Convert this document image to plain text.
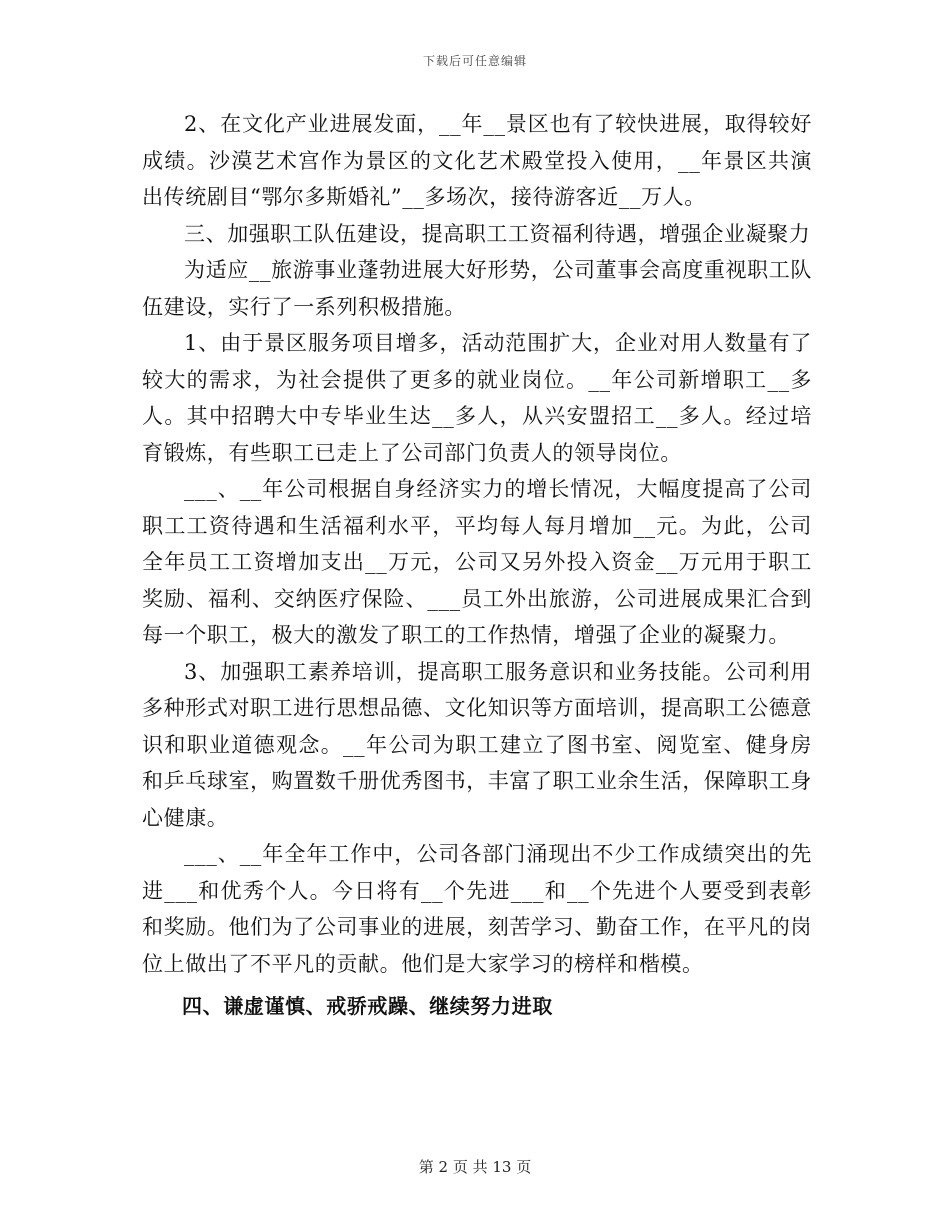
下载后可任意编辑

2、在文化产业进展发面，__年__景区也有了较快进展，取得较好成绩。沙漠艺术宫作为景区的文化艺术殿堂投入使用，__年景区共演出传统剧目“鄂尔多斯婚礼”__多场次，接待游客近__万人。

三、加强职工队伍建设，提高职工工资福利待遇，增强企业凝聚力

为适应__旅游事业蓬勃进展大好形势，公司董事会高度重视职工队伍建设，实行了一系列积极措施。

1、由于景区服务项目增多，活动范围扩大，企业对用人数量有了较大的需求，为社会提供了更多的就业岗位。__年公司新增职工__多人。其中招聘大中专毕业生达__多人，从兴安盟招工__多人。经过培育锻炼，有些职工已走上了公司部门负责人的领导岗位。

___、__年公司根据自身经济实力的增长情况，大幅度提高了公司职工工资待遇和生活福利水平，平均每人每月增加__元。为此，公司全年员工工资增加支出__万元，公司又另外投入资金__万元用于职工奖励、福利、交纳医疗保险、___员工外出旅游，公司进展成果汇合到每一个职工，极大的激发了职工的工作热情，增强了企业的凝聚力。

3、加强职工素养培训，提高职工服务意识和业务技能。公司利用多种形式对职工进行思想品德、文化知识等方面培训，提高职工公德意识和职业道德观念。__年公司为职工建立了图书室、阅览室、健身房和乒乓球室，购置数千册优秀图书，丰富了职工业余生活，保障职工身心健康。

___、__年全年工作中，公司各部门涌现出不少工作成绩突出的先进___和优秀个人。今日将有__个先进___和__个先进个人要受到表彰和奖励。他们为了公司事业的进展，刻苦学习、勤奋工作，在平凡的岗位上做出了不平凡的贡献。他们是大家学习的榜样和楷模。

四、谦虚谨慎、戒骄戒躁、继续努力进取

第 2 页 共 13 页
